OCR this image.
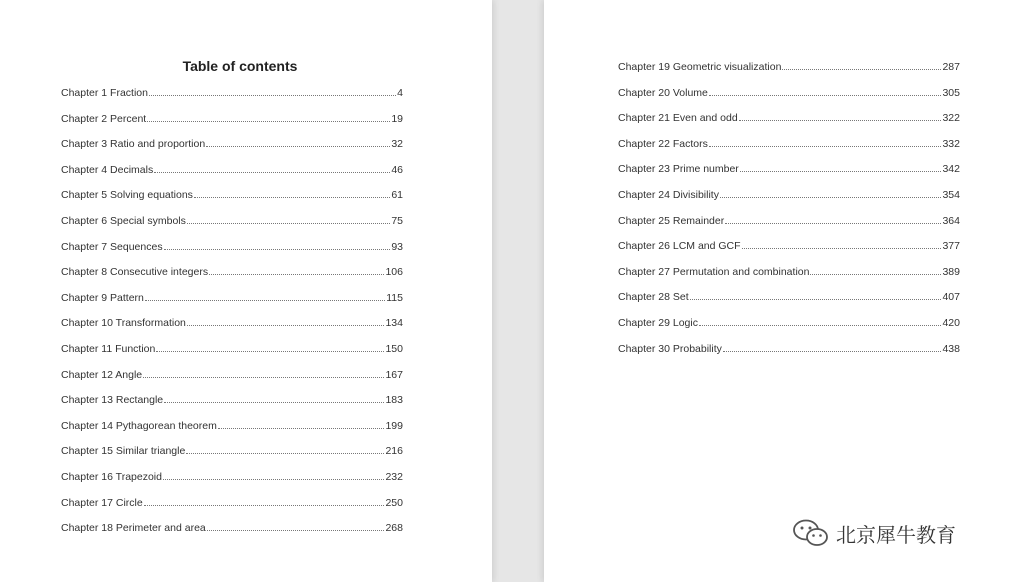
Table of contents
Chapter 1 Fraction	4
Chapter 2 Percent	19
Chapter 3 Ratio and proportion	32
Chapter 4 Decimals	46
Chapter 5 Solving equations	61
Chapter 6 Special symbols	75
Chapter 7 Sequences	93
Chapter 8 Consecutive integers	106
Chapter 9 Pattern	115
Chapter 10 Transformation	134
Chapter 11 Function	150
Chapter 12 Angle	167
Chapter 13 Rectangle	183
Chapter 14 Pythagorean theorem	199
Chapter 15 Similar triangle	216
Chapter 16 Trapezoid	232
Chapter 17 Circle	250
Chapter 18 Perimeter and area	268
Chapter 19 Geometric visualization	287
Chapter 20 Volume	305
Chapter 21 Even and odd	322
Chapter 22 Factors	332
Chapter 23 Prime number	342
Chapter 24 Divisibility	354
Chapter 25 Remainder	364
Chapter 26 LCM and GCF	377
Chapter 27 Permutation and combination	389
Chapter 28 Set	407
Chapter 29 Logic	420
Chapter 30 Probability	438
北京犀牛教育
